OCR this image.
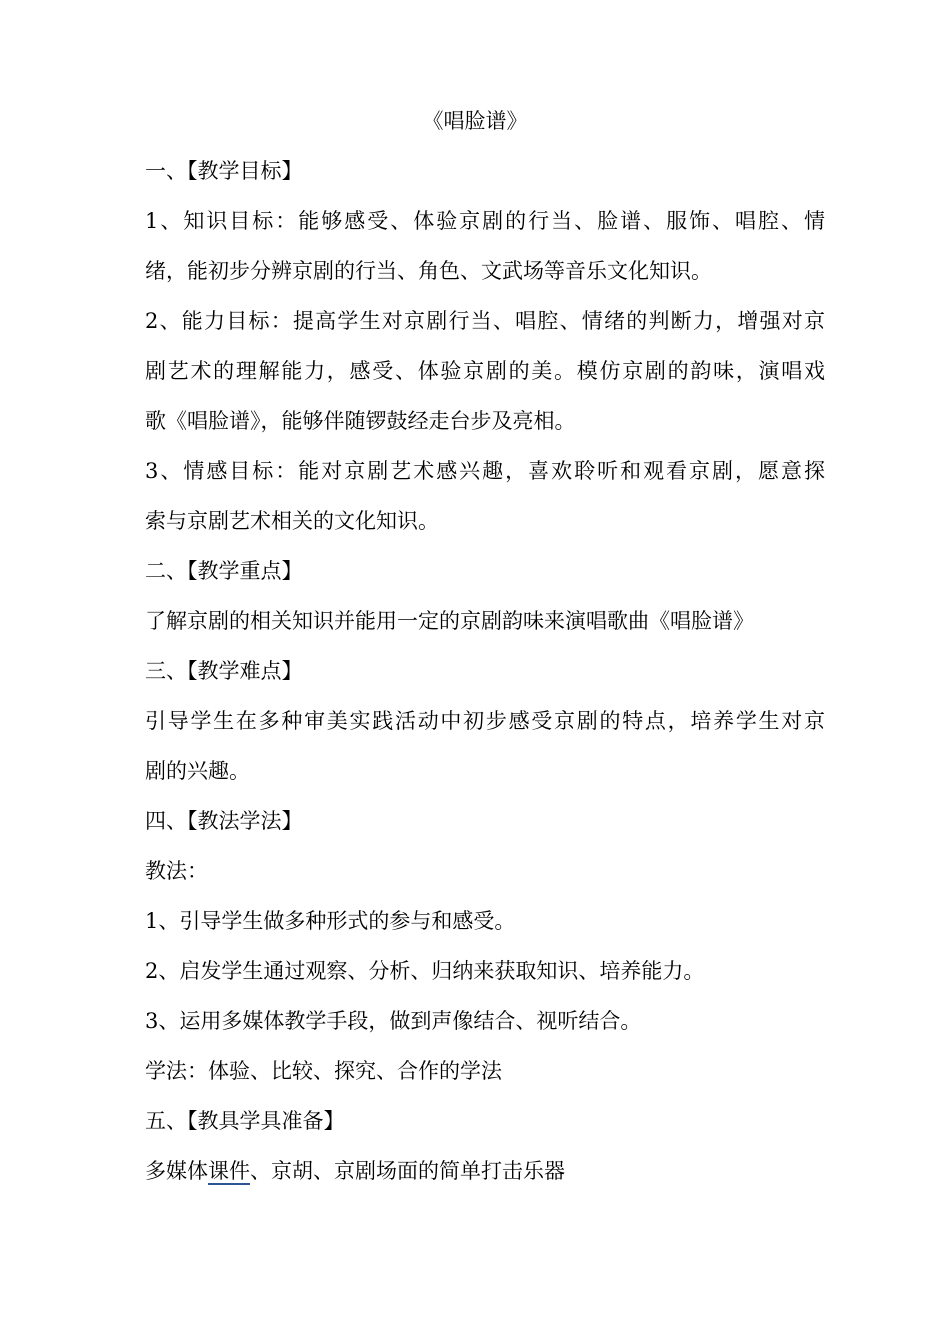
《唱脸谱》
一、【教学目标】
1、知识目标：能够感受、体验京剧的行当、脸谱、服饰、唱腔、情
绪，能初步分辨京剧的行当、角色、文武场等音乐文化知识。
2、能力目标：提高学生对京剧行当、唱腔、情绪的判断力，增强对京
剧艺术的理解能力，感受、体验京剧的美。模仿京剧的韵味，演唱戏
歌《唱脸谱》，能够伴随锣鼓经走台步及亮相。
3、情感目标：能对京剧艺术感兴趣，喜欢聆听和观看京剧，愿意探
索与京剧艺术相关的文化知识。
二、【教学重点】
了解京剧的相关知识并能用一定的京剧韵味来演唱歌曲《唱脸谱》
三、【教学难点】
引导学生在多种审美实践活动中初步感受京剧的特点，培养学生对京
剧的兴趣。
四、【教法学法】
教法：
1、引导学生做多种形式的参与和感受。
2、启发学生通过观察、分析、归纳来获取知识、培养能力。
3、运用多媒体教学手段，做到声像结合、视听结合。
学法：体验、比较、探究、合作的学法
五、【教具学具准备】
多媒体课件、京胡、京剧场面的简单打击乐器
